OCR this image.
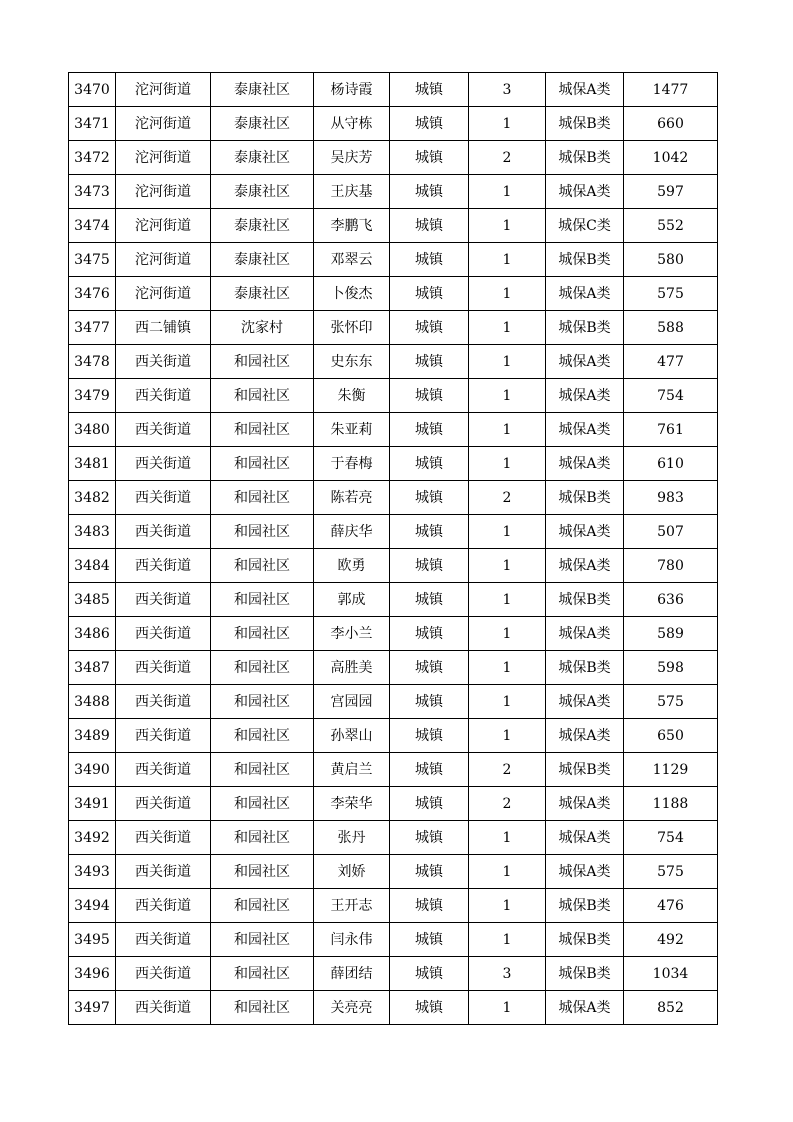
3470	沱河街道	泰康社区	杨诗霞	城镇	3	城保A类	1477
3471	沱河街道	泰康社区	从守栋	城镇	1	城保B类	660
3472	沱河街道	泰康社区	吴庆芳	城镇	2	城保B类	1042
3473	沱河街道	泰康社区	王庆基	城镇	1	城保A类	597
3474	沱河街道	泰康社区	李鹏飞	城镇	1	城保C类	552
3475	沱河街道	泰康社区	邓翠云	城镇	1	城保B类	580
3476	沱河街道	泰康社区	卜俊杰	城镇	1	城保A类	575
3477	西二铺镇	沈家村	张怀印	城镇	1	城保B类	588
3478	西关街道	和园社区	史东东	城镇	1	城保A类	477
3479	西关街道	和园社区	朱衡	城镇	1	城保A类	754
3480	西关街道	和园社区	朱亚莉	城镇	1	城保A类	761
3481	西关街道	和园社区	于春梅	城镇	1	城保A类	610
3482	西关街道	和园社区	陈若亮	城镇	2	城保B类	983
3483	西关街道	和园社区	薛庆华	城镇	1	城保A类	507
3484	西关街道	和园社区	欧勇	城镇	1	城保A类	780
3485	西关街道	和园社区	郭成	城镇	1	城保B类	636
3486	西关街道	和园社区	李小兰	城镇	1	城保A类	589
3487	西关街道	和园社区	高胜美	城镇	1	城保B类	598
3488	西关街道	和园社区	宫园园	城镇	1	城保A类	575
3489	西关街道	和园社区	孙翠山	城镇	1	城保A类	650
3490	西关街道	和园社区	黄启兰	城镇	2	城保B类	1129
3491	西关街道	和园社区	李荣华	城镇	2	城保A类	1188
3492	西关街道	和园社区	张丹	城镇	1	城保A类	754
3493	西关街道	和园社区	刘娇	城镇	1	城保A类	575
3494	西关街道	和园社区	王开志	城镇	1	城保B类	476
3495	西关街道	和园社区	闫永伟	城镇	1	城保B类	492
3496	西关街道	和园社区	薛团结	城镇	3	城保B类	1034
3497	西关街道	和园社区	关亮亮	城镇	1	城保A类	852
